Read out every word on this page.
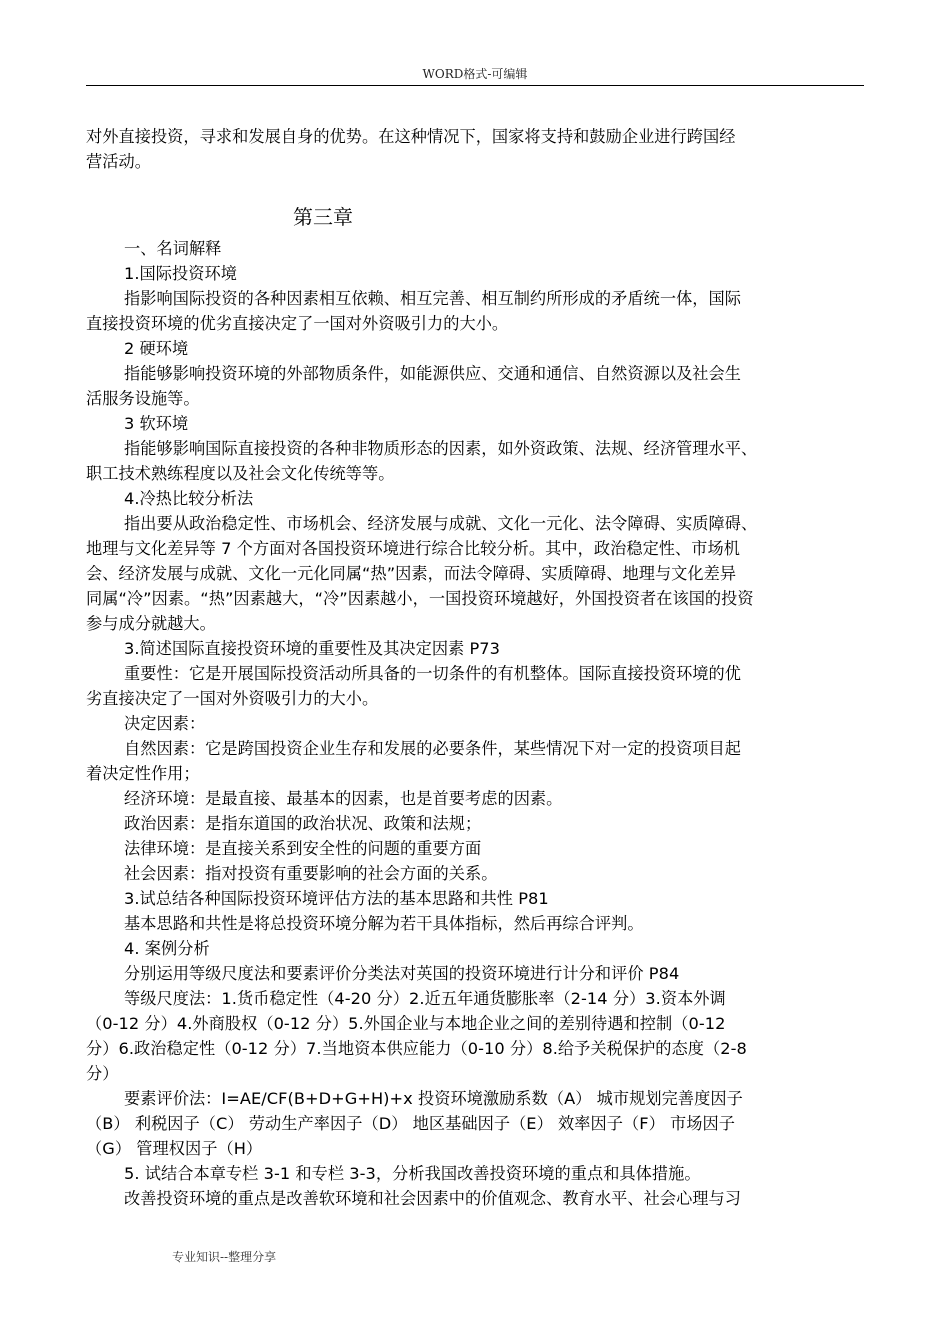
WORD格式-可编辑
对外直接投资，寻求和发展自身的优势。在这种情况下，国家将支持和鼓励企业进行跨国经
营活动。
第三章
一、名词解释
1.国际投资环境
指影响国际投资的各种因素相互依赖、相互完善、相互制约所形成的矛盾统一体，国际
直接投资环境的优劣直接决定了一国对外资吸引力的大小。
2 硬环境
指能够影响投资环境的外部物质条件，如能源供应、交通和通信、自然资源以及社会生
活服务设施等。
3 软环境
指能够影响国际直接投资的各种非物质形态的因素，如外资政策、法规、经济管理水平、
职工技术熟练程度以及社会文化传统等等。
4.冷热比较分析法
指出要从政治稳定性、市场机会、经济发展与成就、文化一元化、法令障碍、实质障碍、
地理与文化差异等 7 个方面对各国投资环境进行综合比较分析。其中，政治稳定性、市场机
会、经济发展与成就、文化一元化同属“热”因素，而法令障碍、实质障碍、地理与文化差异
同属“冷”因素。“热”因素越大，“冷”因素越小，一国投资环境越好，外国投资者在该国的投资
参与成分就越大。
3.简述国际直接投资环境的重要性及其决定因素 P73
重要性：它是开展国际投资活动所具备的一切条件的有机整体。国际直接投资环境的优
劣直接决定了一国对外资吸引力的大小。
决定因素：
自然因素：它是跨国投资企业生存和发展的必要条件，某些情况下对一定的投资项目起
着决定性作用；
经济环境：是最直接、最基本的因素，也是首要考虑的因素。
政治因素：是指东道国的政治状况、政策和法规；
法律环境：是直接关系到安全性的问题的重要方面
社会因素：指对投资有重要影响的社会方面的关系。
3.试总结各种国际投资环境评估方法的基本思路和共性 P81
基本思路和共性是将总投资环境分解为若干具体指标，然后再综合评判。
4. 案例分析
分别运用等级尺度法和要素评价分类法对英国的投资环境进行计分和评价 P84
等级尺度法：1.货币稳定性（4-20 分）2.近五年通货膨胀率（2-14 分）3.资本外调
（0-12 分）4.外商股权（0-12 分）5.外国企业与本地企业之间的差别待遇和控制（0-12
分）6.政治稳定性（0-12 分）7.当地资本供应能力（0-10 分）8.给予关税保护的态度（2-8
分）
要素评价法：I=AE/CF(B+D+G+H)+x 投资环境激励系数（A） 城市规划完善度因子
（B） 利税因子（C） 劳动生产率因子（D） 地区基础因子（E） 效率因子（F） 市场因子
（G） 管理权因子（H）
5. 试结合本章专栏 3-1 和专栏 3-3，分析我国改善投资环境的重点和具体措施。
改善投资环境的重点是改善软环境和社会因素中的价值观念、教育水平、社会心理与习
专业知识--整理分享
